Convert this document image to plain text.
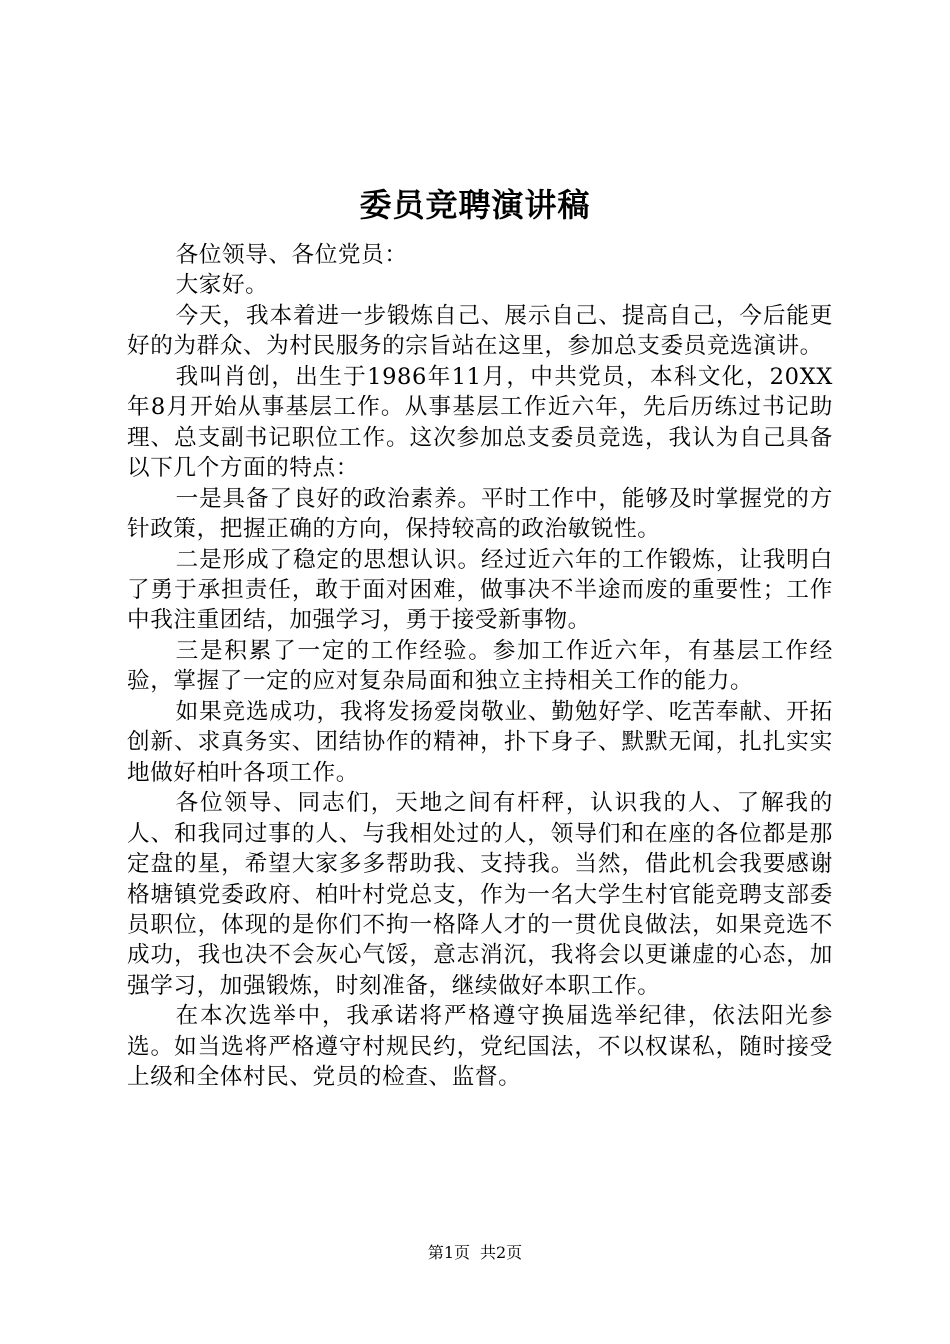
委员竞聘演讲稿

各位领导、各位党员：

大家好。

今天，我本着进一步锻炼自己、展示自己、提高自己，今后能更好的为群众、为村民服务的宗旨站在这里，参加总支委员竞选演讲。

我叫肖创，出生于1986年11月，中共党员，本科文化，20XX年8月开始从事基层工作。从事基层工作近六年，先后历练过书记助理、总支副书记职位工作。这次参加总支委员竞选，我认为自己具备以下几个方面的特点：

一是具备了良好的政治素养。平时工作中，能够及时掌握党的方针政策，把握正确的方向，保持较高的政治敏锐性。

二是形成了稳定的思想认识。经过近六年的工作锻炼，让我明白了勇于承担责任，敢于面对困难，做事决不半途而废的重要性；工作中我注重团结，加强学习，勇于接受新事物。

三是积累了一定的工作经验。参加工作近六年，有基层工作经验，掌握了一定的应对复杂局面和独立主持相关工作的能力。

如果竞选成功，我将发扬爱岗敬业、勤勉好学、吃苦奉献、开拓创新、求真务实、团结协作的精神，扑下身子、默默无闻，扎扎实实地做好柏叶各项工作。

各位领导、同志们，天地之间有杆秤，认识我的人、了解我的人、和我同过事的人、与我相处过的人，领导们和在座的各位都是那定盘的星，希望大家多多帮助我、支持我。当然，借此机会我要感谢格塘镇党委政府、柏叶村党总支，作为一名大学生村官能竞聘支部委员职位，体现的是你们不拘一格降人才的一贯优良做法，如果竞选不成功，我也决不会灰心气馁，意志消沉，我将会以更谦虚的心态，加强学习，加强锻炼，时刻准备，继续做好本职工作。

在本次选举中，我承诺将严格遵守换届选举纪律，依法阳光参选。如当选将严格遵守村规民约，党纪国法，不以权谋私，随时接受上级和全体村民、党员的检查、监督。

第1页 共2页
